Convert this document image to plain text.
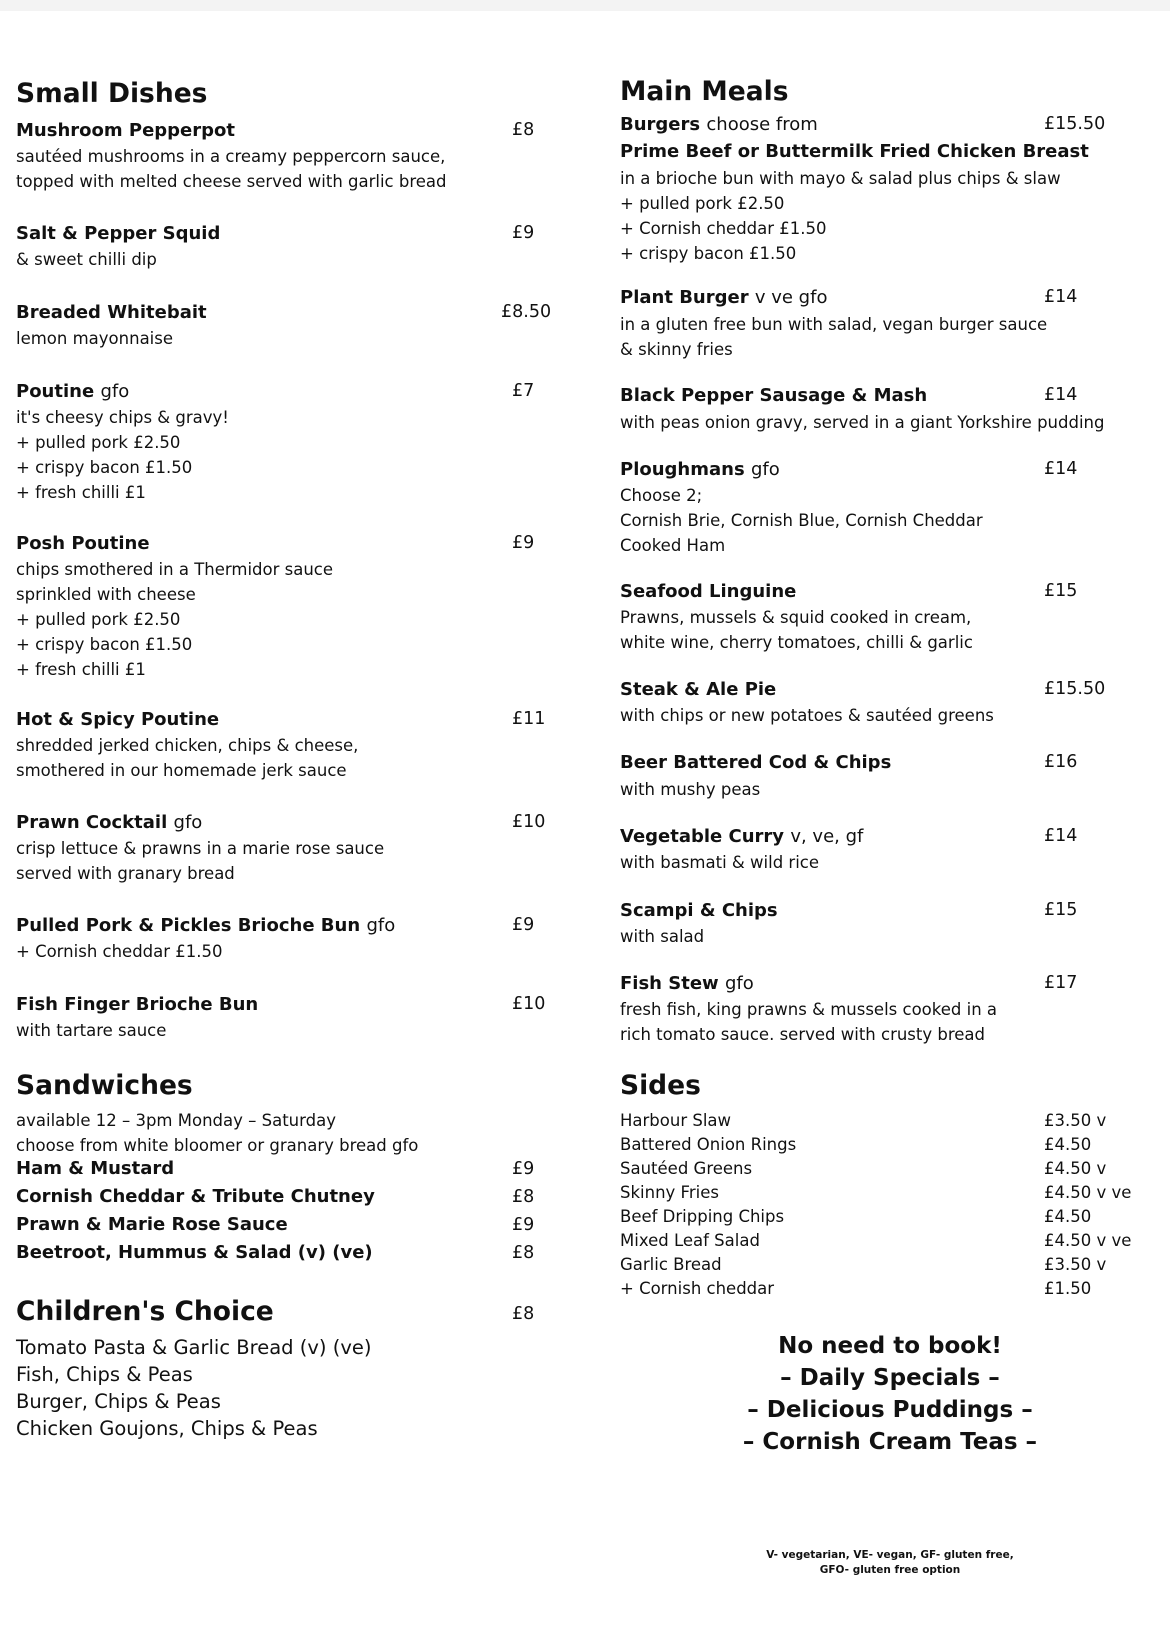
Small Dishes
Mushroom Pepperpot	£8
sautéed mushrooms in a creamy peppercorn sauce,
topped with melted cheese served with garlic bread
Salt & Pepper Squid	£9
& sweet chilli dip
Breaded Whitebait	£8.50
lemon mayonnaise
Poutine gfo	£7
it's cheesy chips & gravy!
+ pulled pork £2.50
+ crispy bacon £1.50
+ fresh chilli £1
Posh Poutine	£9
chips smothered in a Thermidor sauce
sprinkled with cheese
+ pulled pork £2.50
+ crispy bacon £1.50
+ fresh chilli £1
Hot & Spicy Poutine	£11
shredded jerked chicken, chips & cheese,
smothered in our homemade jerk sauce
Prawn Cocktail gfo	£10
crisp lettuce & prawns in a marie rose sauce
served with granary bread
Pulled Pork & Pickles Brioche Bun gfo	£9
+ Cornish cheddar £1.50
Fish Finger Brioche Bun	£10
with tartare sauce
Sandwiches
available 12 – 3pm Monday – Saturday
choose from white bloomer or granary bread gfo
Ham & Mustard	£9
Cornish Cheddar & Tribute Chutney	£8
Prawn & Marie Rose Sauce	£9
Beetroot, Hummus & Salad (v) (ve)	£8
Children's Choice	£8
Tomato Pasta & Garlic Bread (v) (ve)
Fish, Chips & Peas
Burger, Chips & Peas
Chicken Goujons, Chips & Peas
Main Meals
Burgers choose from	£15.50
Prime Beef or Buttermilk Fried Chicken Breast
in a brioche bun with mayo & salad plus chips & slaw
+ pulled pork £2.50
+ Cornish cheddar £1.50
+ crispy bacon £1.50
Plant Burger v ve gfo	£14
in a gluten free bun with salad, vegan burger sauce
& skinny fries
Black Pepper Sausage & Mash	£14
with peas onion gravy, served in a giant Yorkshire pudding
Ploughmans gfo	£14
Choose 2;
Cornish Brie, Cornish Blue, Cornish Cheddar
Cooked Ham
Seafood Linguine	£15
Prawns, mussels & squid cooked in cream,
white wine, cherry tomatoes, chilli & garlic
Steak & Ale Pie	£15.50
with chips or new potatoes & sautéed greens
Beer Battered Cod & Chips	£16
with mushy peas
Vegetable Curry v, ve, gf	£14
with basmati & wild rice
Scampi & Chips	£15
with salad
Fish Stew gfo	£17
fresh fish, king prawns & mussels cooked in a
rich tomato sauce. served with crusty bread
Sides
Harbour Slaw	£3.50 v
Battered Onion Rings	£4.50
Sautéed Greens	£4.50 v
Skinny Fries	£4.50 v ve
Beef Dripping Chips	£4.50
Mixed Leaf Salad	£4.50 v ve
Garlic Bread	£3.50 v
+ Cornish cheddar	£1.50
No need to book!
– Daily Specials –
– Delicious Puddings –
– Cornish Cream Teas –
V- vegetarian, VE- vegan, GF- gluten free,
GFO- gluten free option
